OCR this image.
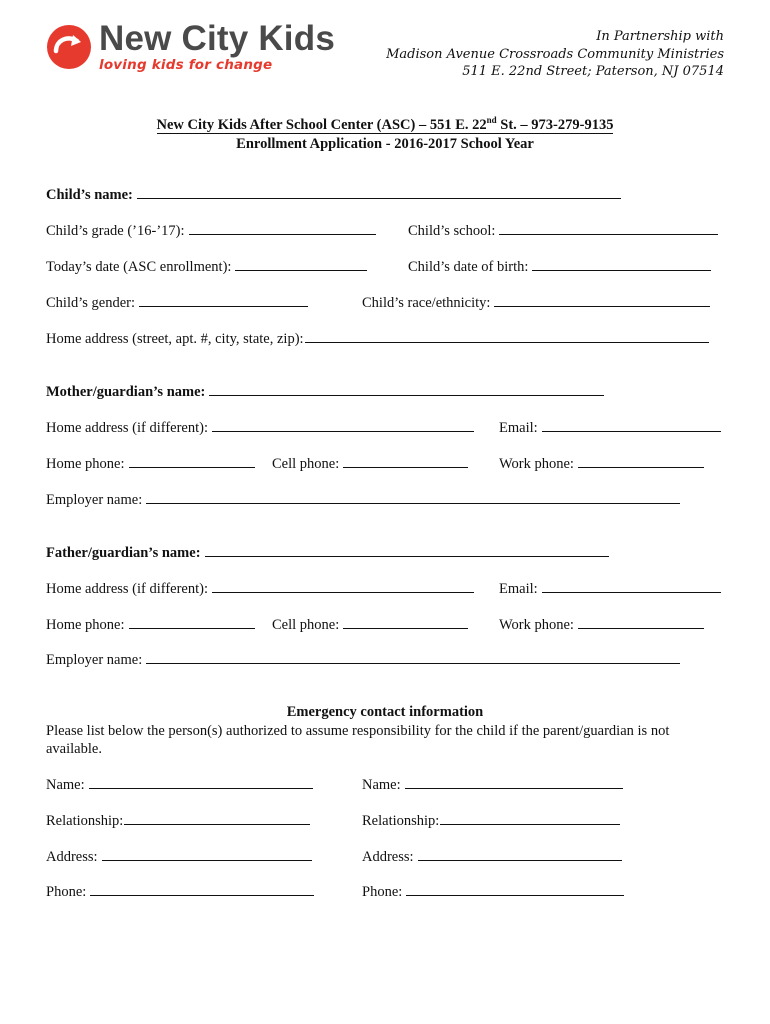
New City Kids
loving kids for change
In Partnership with
Madison Avenue Crossroads Community Ministries
511 E. 22nd Street; Paterson, NJ 07514
New City Kids After School Center (ASC) – 551 E. 22nd St. – 973-279-9135
Enrollment Application - 2016-2017 School Year
Child’s name:
Child’s grade (’16-’17):	Child’s school:
Today’s date (ASC enrollment):	Child’s date of birth:
Child’s gender:	Child’s race/ethnicity:
Home address (street, apt. #, city, state, zip):
Mother/guardian’s name:
Home address (if different):	Email:
Home phone:	Cell phone:	Work phone:
Employer name:
Father/guardian’s name:
Home address (if different):	Email:
Home phone:	Cell phone:	Work phone:
Employer name:
Emergency contact information
Please list below the person(s) authorized to assume responsibility for the child if the parent/guardian is not available.
Name:	Name:
Relationship:	Relationship:
Address:	Address:
Phone:	Phone:
